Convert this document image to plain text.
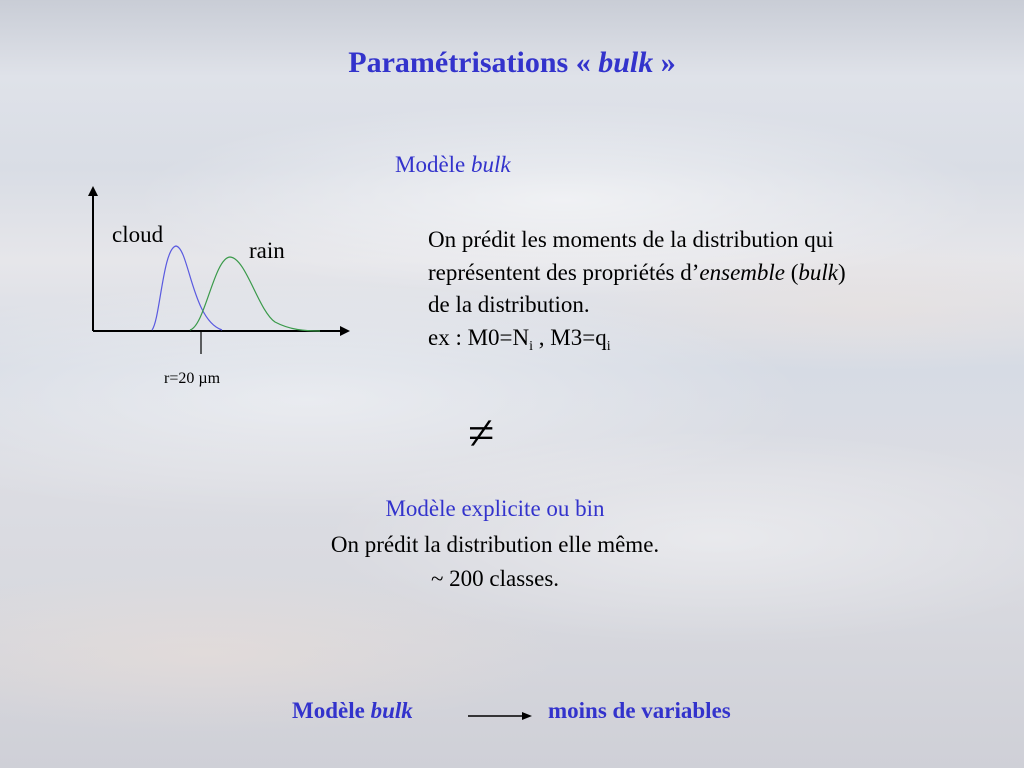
Paramétrisations « bulk »
cloud
rain
r=20 µm
Modèle bulk
On prédit les moments de la distribution qui
représentent des propriétés d’ensemble (bulk)
de la distribution.
ex : $M0=N_i$ , $M3=q_i$
≠
Modèle explicite ou bin
On prédit la distribution elle même.
~ 200 classes.
Modèle bulk	moins de variables
